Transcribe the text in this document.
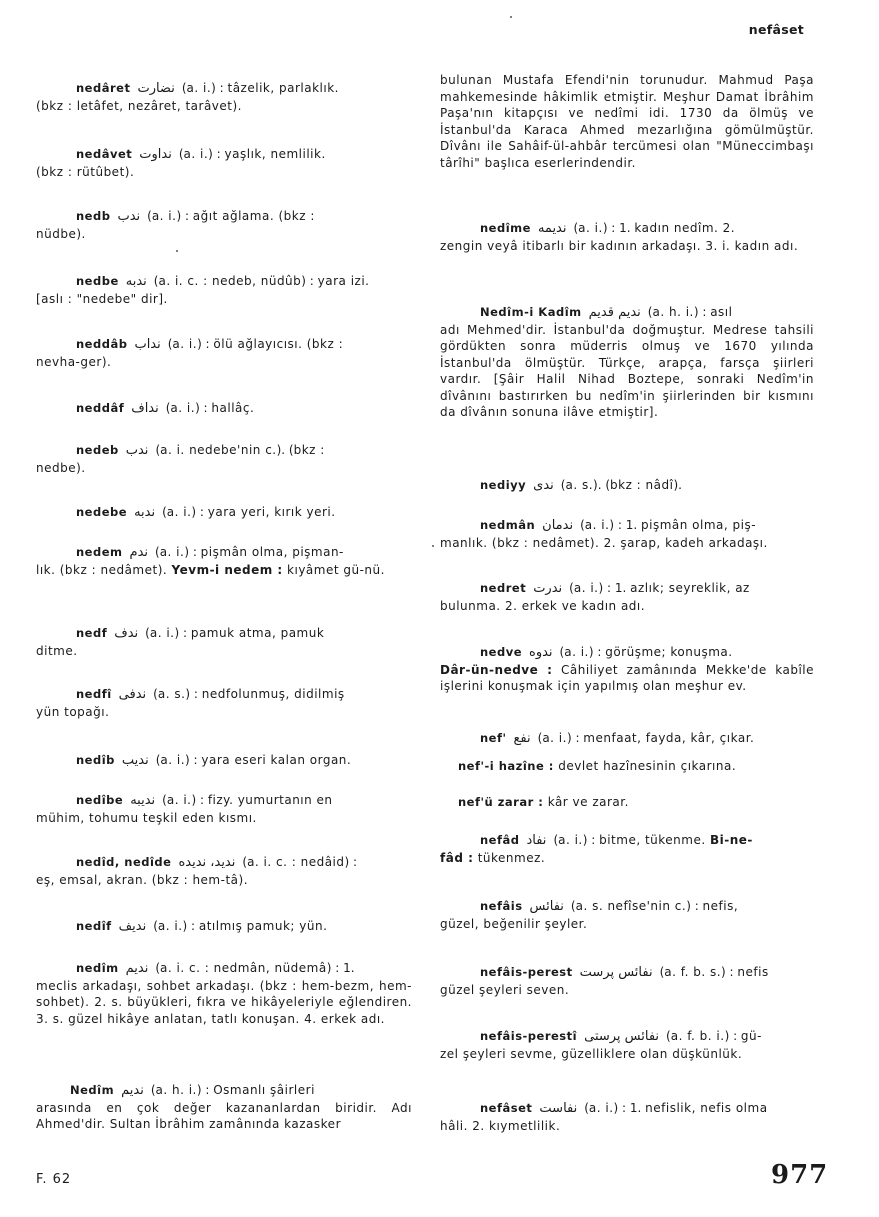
nefâset

nedâret نضارت (a. i.) : tâzelik, parlaklık.

(bkz : letâfet, nezâret, tarâvet).

nedâvet نداوت (a. i.) : yaşlık, nemlilik.

(bkz : rütûbet).

nedb ندب (a. i.) : ağıt ağlama. (bkz :

nüdbe).

nedbe ندبه (a. i. c. : nedeb, nüdûb) : yara izi.

[aslı : "nedebe" dir].

neddâb نداب (a. i.) : ölü ağlayıcısı. (bkz :

nevha-ger).

neddâf نداف (a. i.) : hallâç.

nedeb ندب (a. i. nedebe'nin c.). (bkz :

nedbe).

nedebe ندبه (a. i.) : yara yeri, kırık yeri.

nedem ندم (a. i.) : pişmân olma, pişman-

lık. (bkz : nedâmet). Yevm-i nedem : kıyâmet gü-nü.

nedf ندف (a. i.) : pamuk atma, pamuk

ditme.

nedfî ندفى (a. s.) : nedfolunmuş, didilmiş

yün topağı.

nedîb نديب (a. i.) : yara eseri kalan organ.

nedîbe نديبه (a. i.) : fizy. yumurtanın en

mühim, tohumu teşkil eden kısmı.

nedîd, nedîde نديد، نديده (a. i. c. : nedâid) :

eş, emsal, akran. (bkz : hem-tâ).

nedîf نديف (a. i.) : atılmış pamuk; yün.

nedîm نديم (a. i. c. : nedmân, nüdemâ) : 1.

meclis arkadaşı, sohbet arkadaşı. (bkz : hem-bezm, hem-sohbet). 2. s. büyükleri, fıkra ve hikâyeleriyle eğlendiren. 3. s. güzel hikâye anlatan, tatlı konuşan. 4. erkek adı.

Nedîm نديم (a. h. i.) : Osmanlı şâirleri

arasında en çok değer kazananlardan biridir. Adı Ahmed'dir. Sultan İbrâhim zamânında kazasker

bulunan Mustafa Efendi'nin torunudur. Mahmud Paşa mahkemesinde hâkimlik etmiştir. Meşhur Damat İbrâhim Paşa'nın kitapçısı ve nedîmi idi. 1730 da ölmüş ve İstanbul'da Karaca Ahmed mezarlığına gömülmüştür. Dîvânı ile Sahâif-ül-ahbâr tercümesi olan "Müneccimbaşı târîhi" başlıca eserlerindendir.

nedîme نديمه (a. i.) : 1. kadın nedîm. 2.

zengin veyâ itibarlı bir kadının arkadaşı. 3. i. kadın adı.

Nedîm-i Kadîm نديم قديم (a. h. i.) : asıl

adı Mehmed'dir. İstanbul'da doğmuştur. Medrese tahsili gördükten sonra müderris olmuş ve 1670 yılında İstanbul'da ölmüştür. Türkçe, arapça, farsça şiirleri vardır. [Şâir Halil Nihad Boztepe, sonraki Nedîm'in dîvânını bastırırken bu nedîm'in şiirlerinden bir kısmını da dîvânın sonuna ilâve etmiştir].

nediyy ندى (a. s.). (bkz : nâdî).

nedmân ندمان (a. i.) : 1. pişmân olma, piş-

manlık. (bkz : nedâmet). 2. şarap, kadeh arkadaşı.

nedret ندرت (a. i.) : 1. azlık; seyreklik, az

bulunma. 2. erkek ve kadın adı.

nedve ندوه (a. i.) : görüşme; konuşma.

Dâr-ün-nedve : Câhiliyet zamânında Mekke'de kabîle işlerini konuşmak için yapılmış olan meşhur ev.

nef' نفع (a. i.) : menfaat, fayda, kâr, çıkar.

nef'-i hazîne : devlet hazînesinin çıkarına.

nef'ü zarar : kâr ve zarar.

nefâd نفاد (a. i.) : bitme, tükenme. Bi-ne-

fâd : tükenmez.

nefâis نفائس (a. s. nefîse'nin c.) : nefis,

güzel, beğenilir şeyler.

nefâis-perest نفائس پرست (a. f. b. s.) : nefis

güzel şeyleri seven.

nefâis-perestî نفائس پرستى (a. f. b. i.) : gü-

zel şeyleri sevme, güzelliklere olan düşkünlük.

nefâset نفاست (a. i.) : 1. nefislik, nefis olma

hâli. 2. kıymetlilik.

F. 62	977
